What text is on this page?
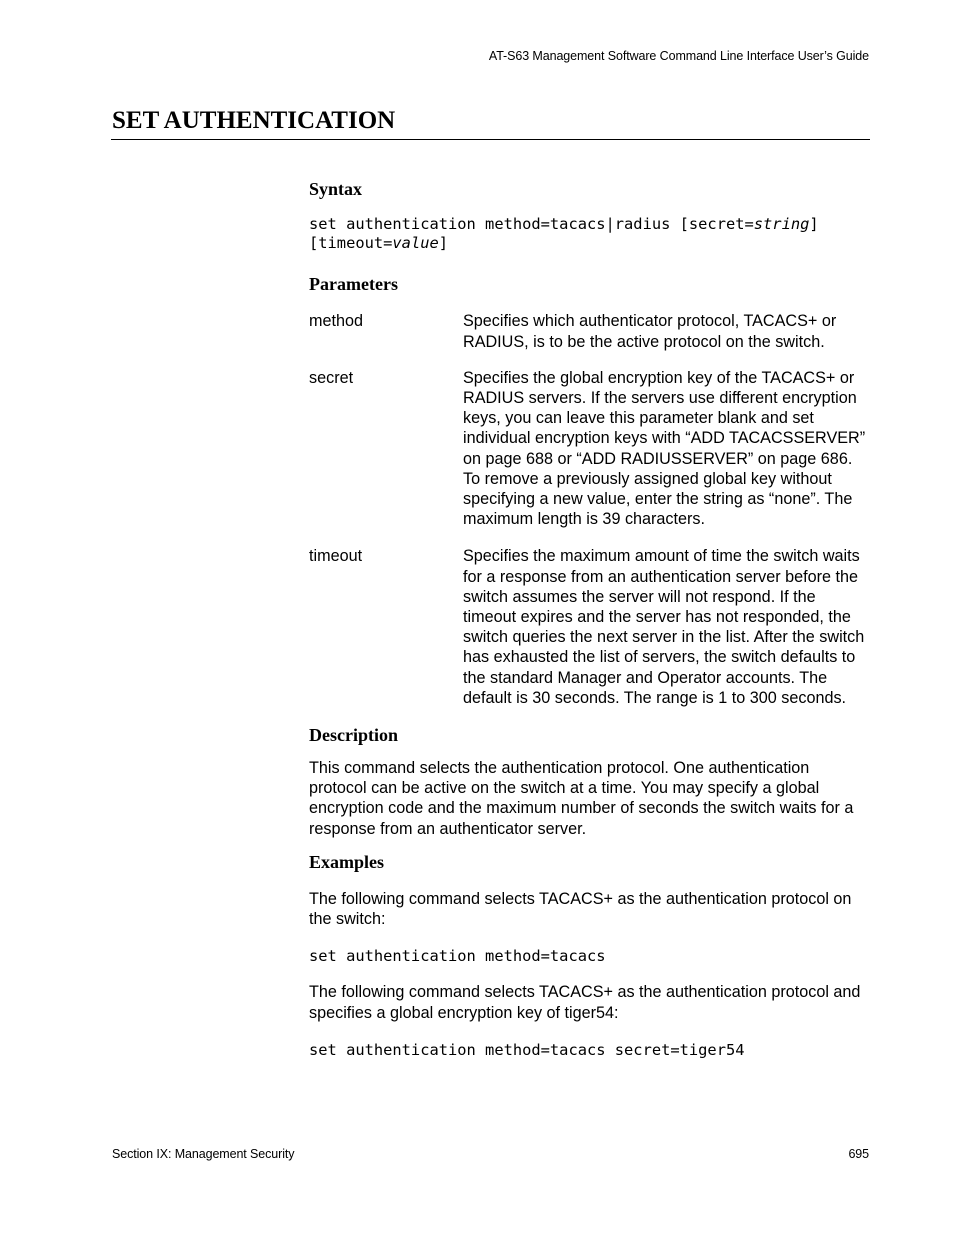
AT-S63 Management Software Command Line Interface User’s Guide
SET AUTHENTICATION
Syntax
set authentication method=tacacs|radius [secret=string]
[timeout=value]
Parameters
method	Specifies which authenticator protocol, TACACS+ or RADIUS, is to be the active protocol on the switch.
secret	Specifies the global encryption key of the TACACS+ or RADIUS servers. If the servers use different encryption keys, you can leave this parameter blank and set individual encryption keys with “ADD TACACSSERVER” on page 688 or “ADD RADIUSSERVER” on page 686. To remove a previously assigned global key without specifying a new value, enter the string as “none”. The maximum length is 39 characters.
timeout	Specifies the maximum amount of time the switch waits for a response from an authentication server before the switch assumes the server will not respond. If the timeout expires and the server has not responded, the switch queries the next server in the list. After the switch has exhausted the list of servers, the switch defaults to the standard Manager and Operator accounts. The default is 30 seconds. The range is 1 to 300 seconds.
Description

This command selects the authentication protocol. One authentication protocol can be active on the switch at a time. You may specify a global encryption code and the maximum number of seconds the switch waits for a response from an authenticator server.

Examples

The following command selects TACACS+ as the authentication protocol on the switch:

set authentication method=tacacs

The following command selects TACACS+ as the authentication protocol and specifies a global encryption key of tiger54:

set authentication method=tacacs secret=tiger54
Section IX: Management Security	695
